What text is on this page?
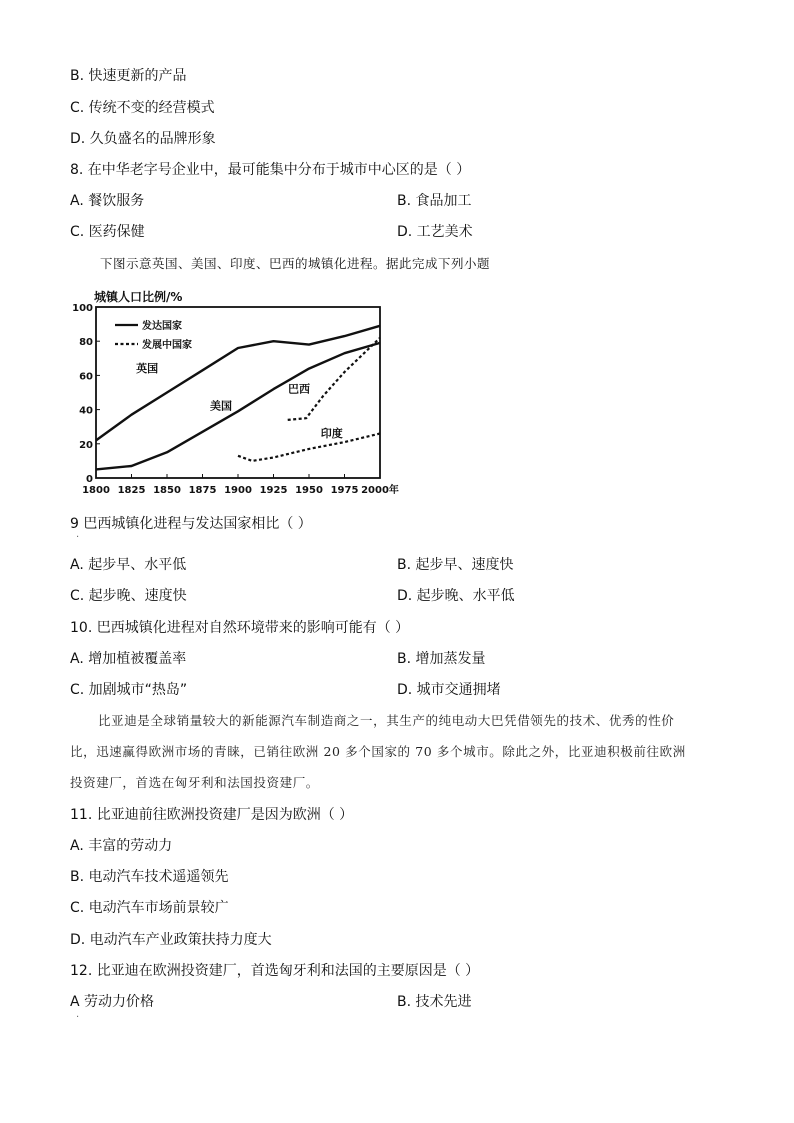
B. 快速更新的产品
C. 传统不变的经营模式
D. 久负盛名的品牌形象
8. 在中华老字号企业中，最可能集中分布于城市中心区的是（ ）
A. 餐饮服务	B. 食品加工
C. 医药保健	D. 工艺美术
下图示意英国、美国、印度、巴西的城镇化进程。据此完成下列小题
城镇人口比例/%
0
20
40
60
80
100
1800 1825 1850 1875 1900 1925 1950 1975 2000年
发达国家
发展中国家
英国
美国
巴西
印度
9 巴西城镇化进程与发达国家相比（ ）
·
A. 起步早、水平低	B. 起步早、速度快
C. 起步晚、速度快	D. 起步晚、水平低
10. 巴西城镇化进程对自然环境带来的影响可能有（ ）
A. 增加植被覆盖率	B. 增加蒸发量
C. 加剧城市“热岛”	D. 城市交通拥堵

比亚迪是全球销量较大的新能源汽车制造商之一，其生产的纯电动大巴凭借领先的技术、优秀的性价

比，迅速赢得欧洲市场的青睐，已销往欧洲 20 多个国家的 70 多个城市。除此之外，比亚迪积极前往欧洲

投资建厂，首选在匈牙利和法国投资建厂。

11. 比亚迪前往欧洲投资建厂是因为欧洲（ ）
A. 丰富的劳动力
B. 电动汽车技术遥遥领先
C. 电动汽车市场前景较广
D. 电动汽车产业政策扶持力度大
12. 比亚迪在欧洲投资建厂，首选匈牙利和法国的主要原因是（ ）
A 劳动力价格	B. 技术先进
·
